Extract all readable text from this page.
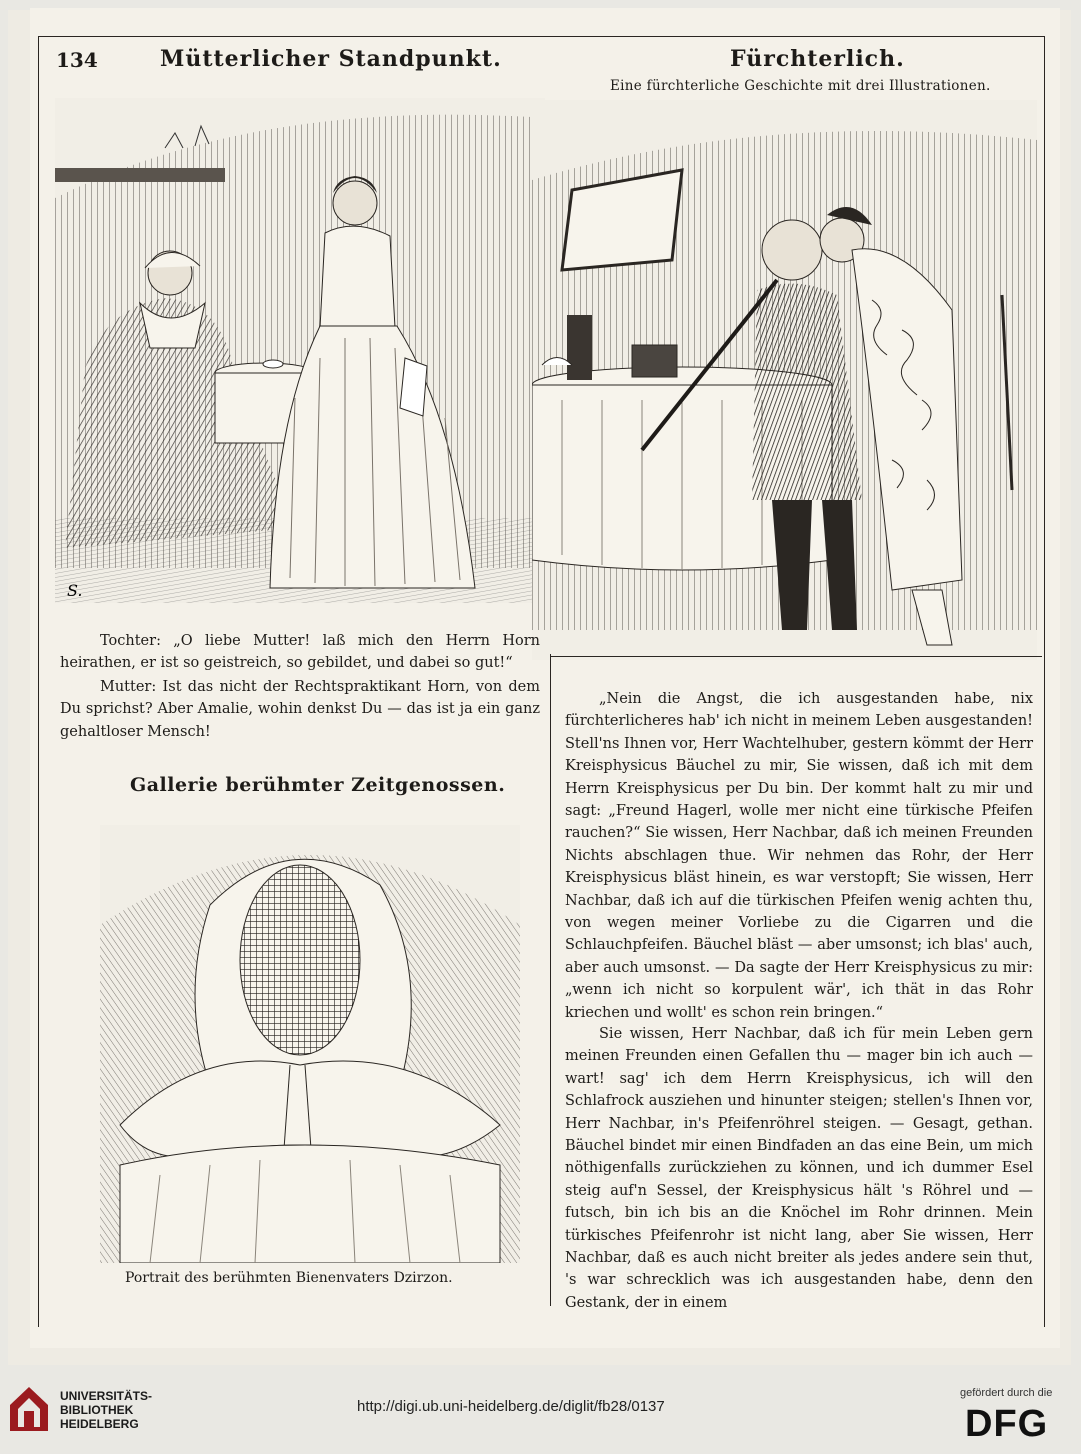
134	Mütterlicher Standpunkt.	Fürchterlich.
Eine fürchterliche Geschichte mit drei Illustrationen.
S.
Tochter: „O liebe Mutter! laß mich den Herrn Horn heirathen, er ist so geistreich, so gebildet, und dabei so gut!“
Mutter: Ist das nicht der Rechtspraktikant Horn, von dem Du sprichst? Aber Amalie, wohin denkst Du — das ist ja ein ganz gehaltloser Mensch!
Gallerie berühmter Zeitgenossen.
Portrait des berühmten Bienenvaters Dzirzon.
„Nein die Angst, die ich ausgestanden habe, nix fürchterlicheres hab' ich nicht in meinem Leben ausgestanden! Stell'ns Ihnen vor, Herr Wachtelhuber, gestern kömmt der Herr Kreisphysicus Bäuchel zu mir, Sie wissen, daß ich mit dem Herrn Kreisphysicus per Du bin. Der kommt halt zu mir und sagt: „Freund Hagerl, wolle mer nicht eine türkische Pfeifen rauchen?“ Sie wissen, Herr Nachbar, daß ich meinen Freunden Nichts abschlagen thue. Wir nehmen das Rohr, der Herr Kreisphysicus bläst hinein, es war verstopft; Sie wissen, Herr Nachbar, daß ich auf die türkischen Pfeifen wenig achten thu, von wegen meiner Vorliebe zu die Cigarren und die Schlauchpfeifen. Bäuchel bläst — aber umsonst; ich blas' auch, aber auch umsonst. — Da sagte der Herr Kreisphysicus zu mir: „wenn ich nicht so korpulent wär', ich thät in das Rohr kriechen und wollt' es schon rein bringen.“
Sie wissen, Herr Nachbar, daß ich für mein Leben gern meinen Freunden einen Gefallen thu — mager bin ich auch — wart! sag' ich dem Herrn Kreisphysicus, ich will den Schlafrock ausziehen und hinunter steigen; stellen's Ihnen vor, Herr Nachbar, in's Pfeifenröhrel steigen. — Gesagt, gethan. Bäuchel bindet mir einen Bindfaden an das eine Bein, um mich nöthigenfalls zurückziehen zu können, und ich dummer Esel steig auf'n Sessel, der Kreisphysicus hält 's Röhrel und — futsch, bin ich bis an die Knöchel im Rohr drinnen. Mein türkisches Pfeifenrohr ist nicht lang, aber Sie wissen, Herr Nachbar, daß es auch nicht breiter als jedes andere sein thut, 's war schrecklich was ich ausgestanden habe, denn den Gestank, der in einem
UNIVERSITÄTS-
BIBLIOTHEK
HEIDELBERG
http://digi.ub.uni-heidelberg.de/diglit/fb28/0137
gefördert durch die
DFG
